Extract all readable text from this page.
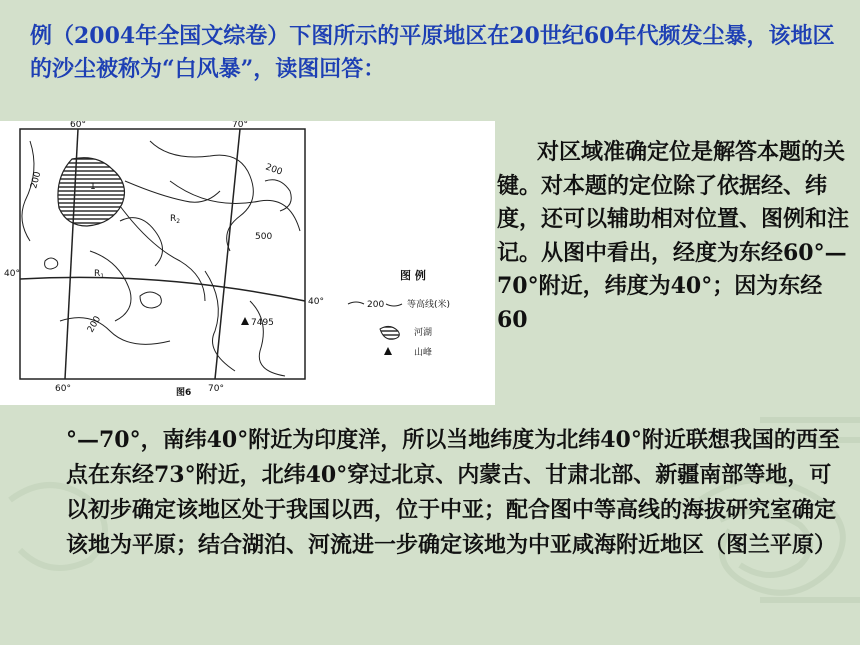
例（2004年全国文综卷）下图所示的平原地区在20世纪60年代频发尘暴，该地区的沙尘被称为“白风暴”，读图回答：
7495
60°	70°
60°	70°
40°
40°
200
500
200
200
1
$R_1$
$R_2$
图6
图 例
200	等高线(米)
河湖
山峰
对区域准确定位是解答本题的关键。对本题的定位除了依据经、纬度，还可以辅助相对位置、图例和注记。从图中看出，经度为东经60°—70°附近，纬度为40°；因为东经60
°—70°，南纬40°附近为印度洋，所以当地纬度为北纬40°附近联想我国的西至点在东经73°附近，北纬40°穿过北京、内蒙古、甘肃北部、新疆南部等地，可以初步确定该地区处于我国以西，位于中亚；配合图中等高线的海拔研究室确定该地为平原；结合湖泊、河流进一步确定该地为中亚咸海附近地区（图兰平原）
